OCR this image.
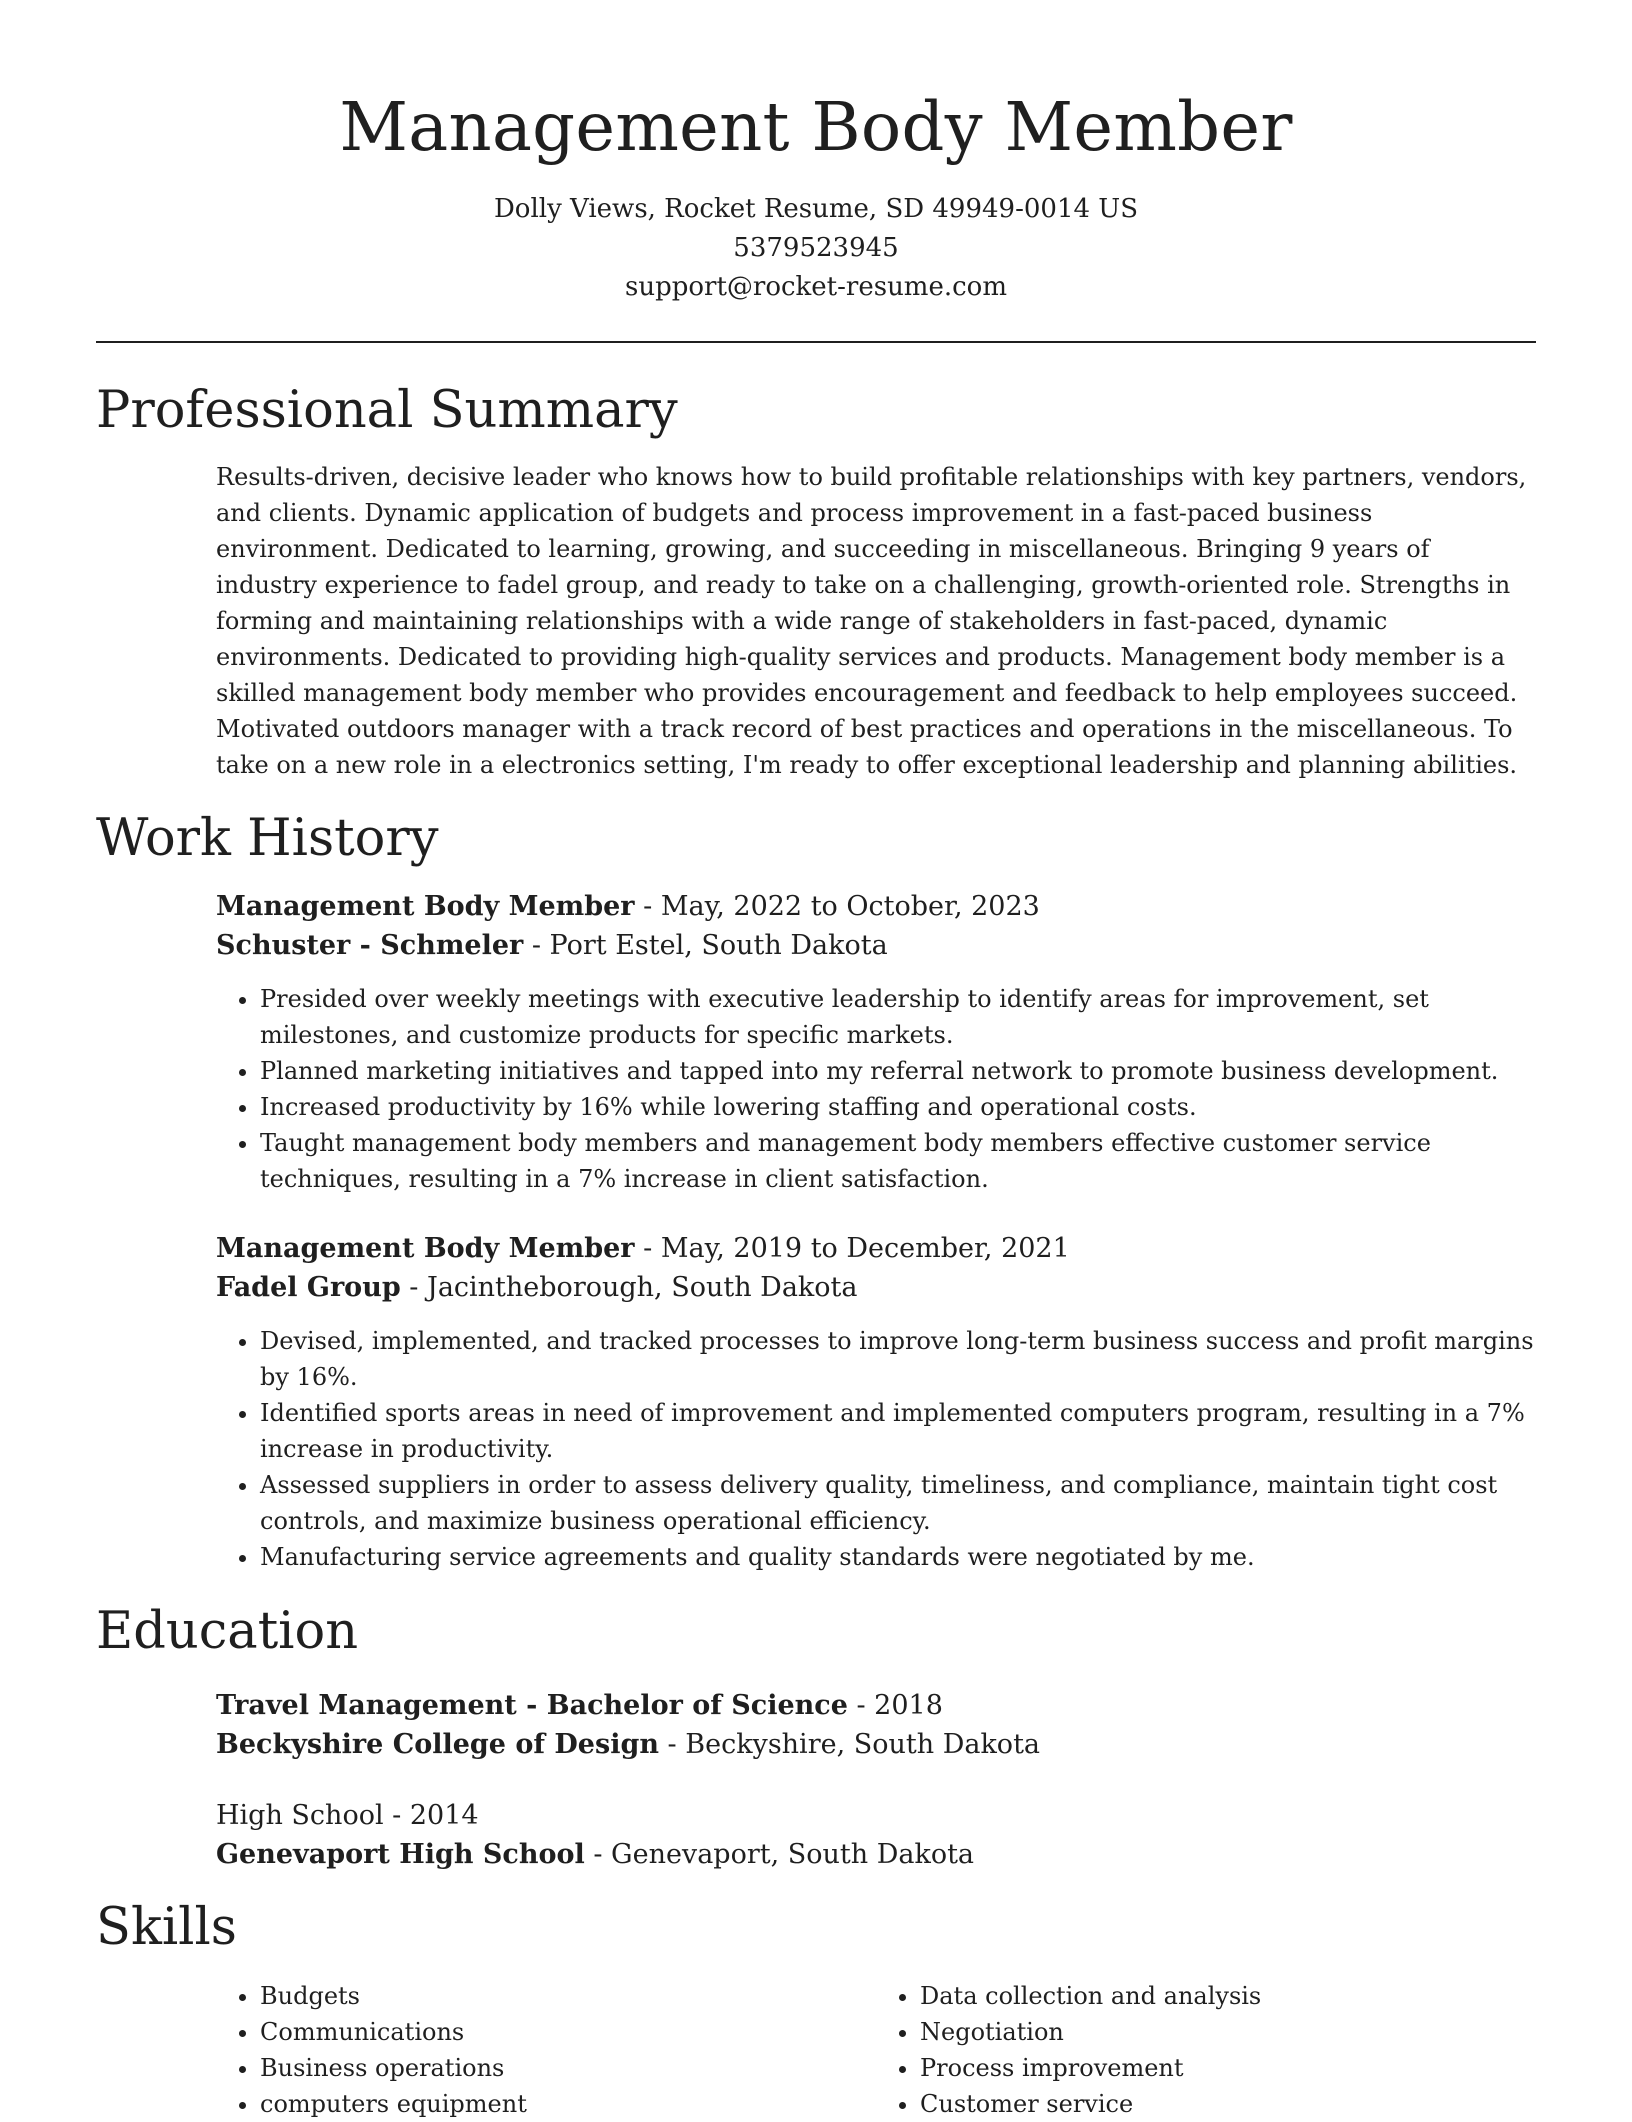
Management Body Member
Dolly Views, Rocket Resume, SD 49949-0014 US
5379523945
support@rocket-resume.com
Professional Summary
Results-driven, decisive leader who knows how to build profitable relationships with key partners, vendors, and clients. Dynamic application of budgets and process improvement in a fast-paced business environment. Dedicated to learning, growing, and succeeding in miscellaneous. Bringing 9 years of industry experience to fadel group, and ready to take on a challenging, growth-oriented role. Strengths in forming and maintaining relationships with a wide range of stakeholders in fast-paced, dynamic environments. Dedicated to providing high-quality services and products. Management body member is a skilled management body member who provides encouragement and feedback to help employees succeed. Motivated outdoors manager with a track record of best practices and operations in the miscellaneous. To take on a new role in a electronics setting, I'm ready to offer exceptional leadership and planning abilities.
Work History
Management Body Member - May, 2022 to October, 2023
Schuster - Schmeler - Port Estel, South Dakota
• Presided over weekly meetings with executive leadership to identify areas for improvement, set milestones, and customize products for specific markets.
• Planned marketing initiatives and tapped into my referral network to promote business development.
• Increased productivity by 16% while lowering staffing and operational costs.
• Taught management body members and management body members effective customer service techniques, resulting in a 7% increase in client satisfaction.
Management Body Member - May, 2019 to December, 2021
Fadel Group - Jacintheborough, South Dakota
• Devised, implemented, and tracked processes to improve long-term business success and profit margins by 16%.
• Identified sports areas in need of improvement and implemented computers program, resulting in a 7% increase in productivity.
• Assessed suppliers in order to assess delivery quality, timeliness, and compliance, maintain tight cost controls, and maximize business operational efficiency.
• Manufacturing service agreements and quality standards were negotiated by me.
Education
Travel Management - Bachelor of Science - 2018
Beckyshire College of Design - Beckyshire, South Dakota
High School - 2014
Genevaport High School - Genevaport, South Dakota
Skills
• Budgets
• Communications
• Business operations
• computers equipment
• Data collection and analysis
• Negotiation
• Process improvement
• Customer service
